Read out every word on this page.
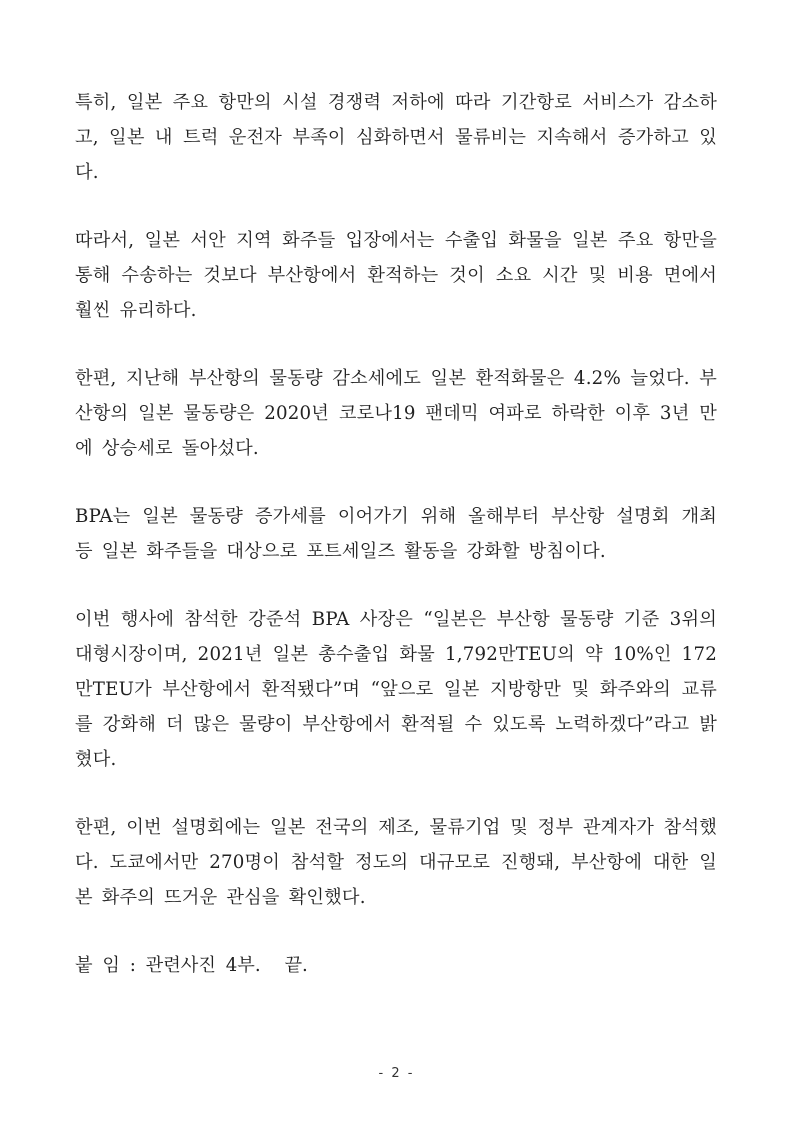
특히, 일본 주요 항만의 시설 경쟁력 저하에 따라 기간항로 서비스가 감소하고, 일본 내 트럭 운전자 부족이 심화하면서 물류비는 지속해서 증가하고 있다.

따라서, 일본 서안 지역 화주들 입장에서는 수출입 화물을 일본 주요 항만을 통해 수송하는 것보다 부산항에서 환적하는 것이 소요 시간 및 비용 면에서 훨씬 유리하다.

한편, 지난해 부산항의 물동량 감소세에도 일본 환적화물은 4.2% 늘었다. 부산항의 일본 물동량은 2020년 코로나19 팬데믹 여파로 하락한 이후 3년 만에 상승세로 돌아섰다.

BPA는 일본 물동량 증가세를 이어가기 위해 올해부터 부산항 설명회 개최 등 일본 화주들을 대상으로 포트세일즈 활동을 강화할 방침이다.

이번 행사에 참석한 강준석 BPA 사장은 “일본은 부산항 물동량 기준 3위의 대형시장이며, 2021년 일본 총수출입 화물 1,792만TEU의 약 10%인 172만TEU가 부산항에서 환적됐다”며 “앞으로 일본 지방항만 및 화주와의 교류를 강화해 더 많은 물량이 부산항에서 환적될 수 있도록 노력하겠다”라고 밝혔다.

한편, 이번 설명회에는 일본 전국의 제조, 물류기업 및 정부 관계자가 참석했다. 도쿄에서만 270명이 참석할 정도의 대규모로 진행돼, 부산항에 대한 일본 화주의 뜨거운 관심을 확인했다.

붙 임 : 관련사진 4부. 끝.
- 2 -
